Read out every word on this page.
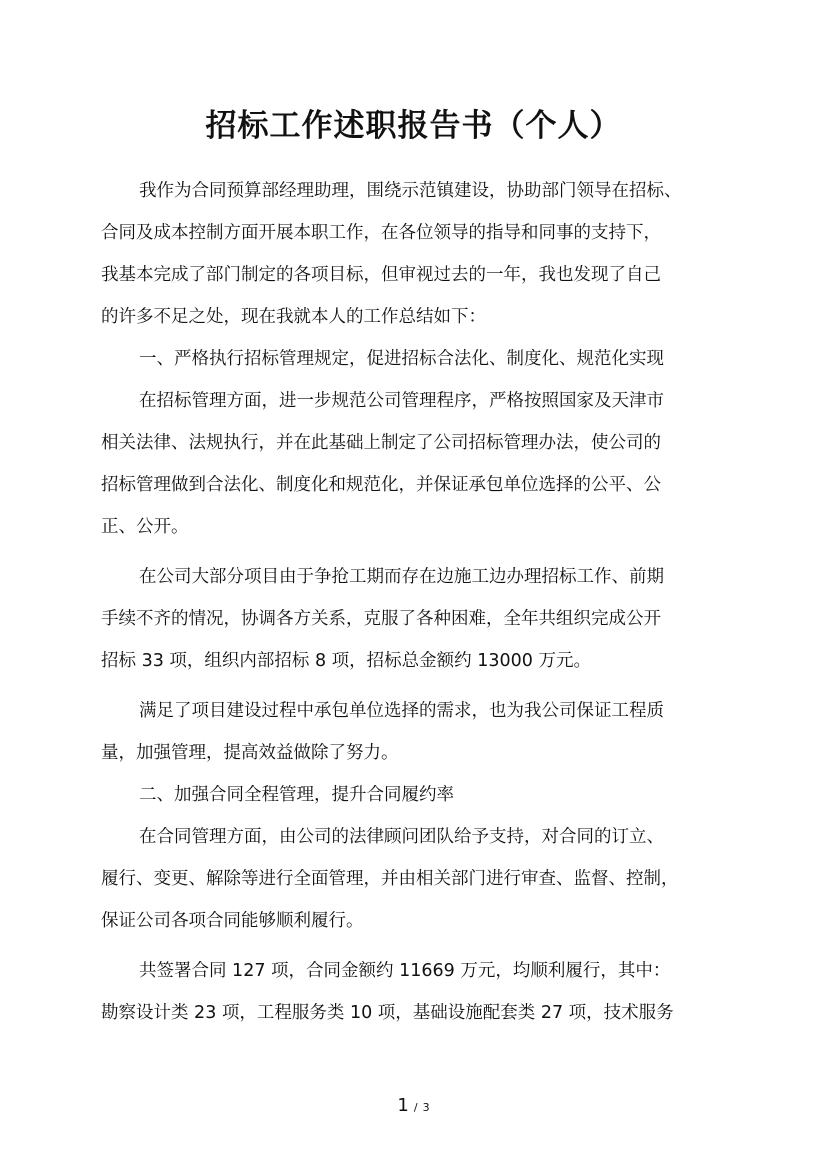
招标工作述职报告书（个人）
我作为合同预算部经理助理，围绕示范镇建设，协助部门领导在招标、
合同及成本控制方面开展本职工作，在各位领导的指导和同事的支持下，
我基本完成了部门制定的各项目标，但审视过去的一年，我也发现了自己
的许多不足之处，现在我就本人的工作总结如下：
一、严格执行招标管理规定，促进招标合法化、制度化、规范化实现
在招标管理方面，进一步规范公司管理程序，严格按照国家及天津市
相关法律、法规执行，并在此基础上制定了公司招标管理办法，使公司的
招标管理做到合法化、制度化和规范化，并保证承包单位选择的公平、公
正、公开。
在公司大部分项目由于争抢工期而存在边施工边办理招标工作、前期
手续不齐的情况，协调各方关系，克服了各种困难，全年共组织完成公开
招标 33 项，组织内部招标 8 项，招标总金额约 13000 万元。
满足了项目建设过程中承包单位选择的需求，也为我公司保证工程质
量，加强管理，提高效益做除了努力。
二、加强合同全程管理，提升合同履约率
在合同管理方面，由公司的法律顾问团队给予支持，对合同的订立、
履行、变更、解除等进行全面管理，并由相关部门进行审查、监督、控制，
保证公司各项合同能够顺利履行。
共签署合同 127 项，合同金额约 11669 万元，均顺利履行，其中：
勘察设计类 23 项，工程服务类 10 项，基础设施配套类 27 项，技术服务
1 / 3
